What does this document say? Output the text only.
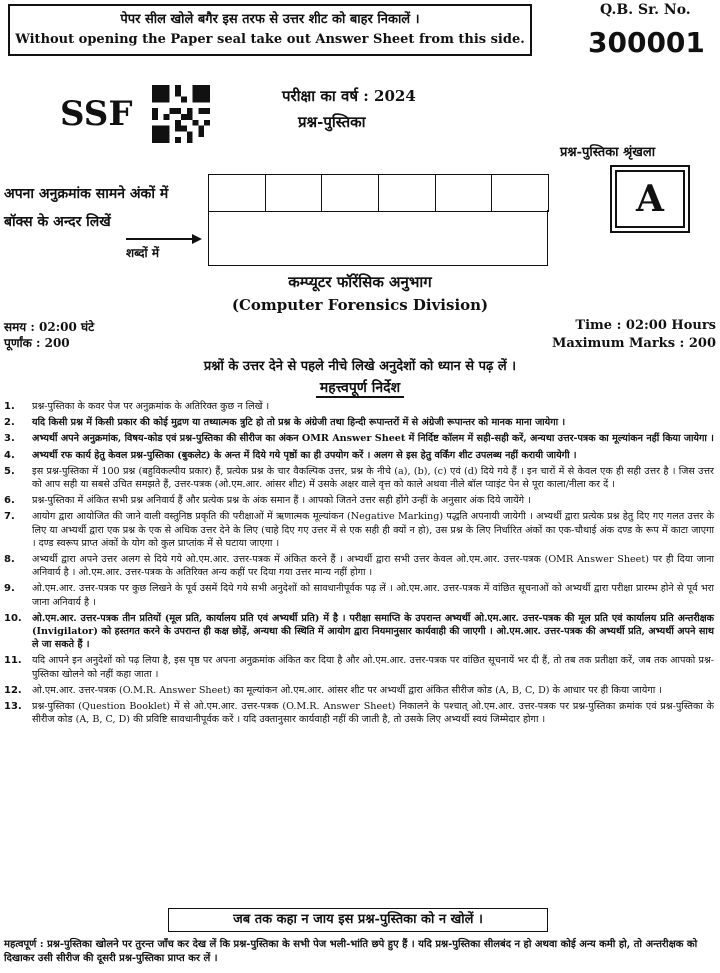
पेपर सील खोले बगैर इस तरफ से उत्तर शीट को बाहर निकालें ।
Without opening the Paper seal take out Answer Sheet from this side.
Q.B. Sr. No.
300001
SSF	परीक्षा का वर्ष : 2024
प्रश्न-पुस्तिका
प्रश्न-पुस्तिका श्रृंखला
A
अपना अनुक्रमांक सामने अंकों में
बॉक्स के अन्दर लिखें
शब्दों में
कम्प्यूटर फॉरेंसिक अनुभाग
(Computer Forensics Division)
समय : 02:00 घंटे
पूर्णांक : 200
Time : 02:00 Hours
Maximum Marks : 200
प्रश्नों के उत्तर देने से पहले नीचे लिखे अनुदेशों को ध्यान से पढ़ लें ।
महत्त्वपूर्ण निर्देश
1.	प्रश्न-पुस्तिका के कवर पेज पर अनुक्रमांक के अतिरिक्त कुछ न लिखें ।
2.	यदि किसी प्रश्न में किसी प्रकार की कोई मुद्रण या तथ्यात्मक त्रुटि हो तो प्रश्न के अंग्रेजी तथा हिन्दी रूपान्तरों में से अंग्रेजी रूपान्तर को मानक माना जायेगा ।
3.	अभ्यर्थी अपने अनुक्रमांक, विषय-कोड एवं प्रश्न-पुस्तिका की सीरीज का अंकन OMR Answer Sheet में निर्दिष्ट कॉलम में सही-सही करें, अन्यथा उत्तर-पत्रक का मूल्यांकन नहीं किया जायेगा ।
4.	अभ्यर्थी रफ कार्य हेतु केवल प्रश्न-पुस्तिका (बुकलेट) के अन्त में दिये गये पृष्ठों का ही उपयोग करें । अलग से इस हेतु वर्किंग शीट उपलब्ध नहीं करायी जायेगी ।
5.	इस प्रश्न-पुस्तिका में 100 प्रश्न (बहुविकल्पीय प्रकार) हैं, प्रत्येक प्रश्न के चार वैकल्पिक उत्तर, प्रश्न के नीचे (a), (b), (c) एवं (d) दिये गये हैं । इन चारों में से केवल एक ही सही उत्तर है । जिस उत्तर को आप सही या सबसे उचित समझते हैं, उत्तर-पत्रक (ओ.एम.आर. आंसर शीट) में उसके अक्षर वाले वृत्त को काले अथवा नीले बॉल प्वाइंट पेन से पूरा काला/नीला कर दें ।
6.	प्रश्न-पुस्तिका में अंकित सभी प्रश्न अनिवार्य हैं और प्रत्येक प्रश्न के अंक समान हैं । आपको जितने उत्तर सही होंगे उन्हीं के अनुसार अंक दिये जायेंगे ।
7.	आयोग द्वारा आयोजित की जाने वाली वस्तुनिष्ठ प्रकृति की परीक्षाओं में ऋणात्मक मूल्यांकन (Negative Marking) पद्धति अपनायी जायेगी । अभ्यर्थी द्वारा प्रत्येक प्रश्न हेतु दिए गए गलत उत्तर के लिए या अभ्यर्थी द्वारा एक प्रश्न के एक से अधिक उत्तर देने के लिए (चाहे दिए गए उत्तर में से एक सही ही क्यों न हो), उस प्रश्न के लिए निर्धारित अंकों का एक-चौथाई अंक दण्ड के रूप में काटा जाएगा । दण्ड स्वरूप प्राप्त अंकों के योग को कुल प्राप्तांक में से घटाया जाएगा ।
8.	अभ्यर्थी द्वारा अपने उत्तर अलग से दिये गये ओ.एम.आर. उत्तर-पत्रक में अंकित करने हैं । अभ्यर्थी द्वारा सभी उत्तर केवल ओ.एम.आर. उत्तर-पत्रक (OMR Answer Sheet) पर ही दिया जाना अनिवार्य है । ओ.एम.आर. उत्तर-पत्रक के अतिरिक्त अन्य कहीं पर दिया गया उत्तर मान्य नहीं होगा ।
9.	ओ.एम.आर. उत्तर-पत्रक पर कुछ लिखने के पूर्व उसमें दिये गये सभी अनुदेशों को सावधानीपूर्वक पढ़ लें । ओ.एम.आर. उत्तर-पत्रक में वांछित सूचनाओं को अभ्यर्थी द्वारा परीक्षा प्रारम्भ होने से पूर्व भरा जाना अनिवार्य है ।
10.	ओ.एम.आर. उत्तर-पत्रक तीन प्रतियों (मूल प्रति, कार्यालय प्रति एवं अभ्यर्थी प्रति) में है । परीक्षा समाप्ति के उपरान्त अभ्यर्थी ओ.एम.आर. उत्तर-पत्रक की मूल प्रति एवं कार्यालय प्रति अन्तरीक्षक (Invigilator) को हस्तगत करने के उपरान्त ही कक्ष छोड़ें, अन्यथा की स्थिति में आयोग द्वारा नियमानुसार कार्यवाही की जाएगी । ओ.एम.आर. उत्तर-पत्रक की अभ्यर्थी प्रति, अभ्यर्थी अपने साथ ले जा सकते हैं ।
11.	यदि आपने इन अनुदेशों को पढ़ लिया है, इस पृष्ठ पर अपना अनुक्रमांक अंकित कर दिया है और ओ.एम.आर. उत्तर-पत्रक पर वांछित सूचनायें भर दी हैं, तो तब तक प्रतीक्षा करें, जब तक आपको प्रश्न-पुस्तिका खोलने को नहीं कहा जाता ।
12.	ओ.एम.आर. उत्तर-पत्रक (O.M.R. Answer Sheet) का मूल्यांकन ओ.एम.आर. आंसर शीट पर अभ्यर्थी द्वारा अंकित सीरीज कोड (A, B, C, D) के आधार पर ही किया जायेगा ।
13.	प्रश्न-पुस्तिका (Question Booklet) में से ओ.एम.आर. उत्तर-पत्रक (O.M.R. Answer Sheet) निकालने के पश्चात् ओ.एम.आर. उत्तर-पत्रक पर प्रश्न-पुस्तिका क्रमांक एवं प्रश्न-पुस्तिका के सीरीज कोड (A, B, C, D) की प्रविष्टि सावधानीपूर्वक करें । यदि उक्तानुसार कार्यवाही नहीं की जाती है, तो उसके लिए अभ्यर्थी स्वयं जिम्मेदार होगा ।
जब तक कहा न जाय इस प्रश्न-पुस्तिका को न खोलें ।
महत्वपूर्ण : प्रश्न-पुस्तिका खोलने पर तुरन्त जाँच कर देख लें कि प्रश्न-पुस्तिका के सभी पेज भली-भांति छपे हुए हैं । यदि प्रश्न-पुस्तिका सीलबंद न हो अथवा कोई अन्य कमी हो, तो अन्तरीक्षक को दिखाकर उसी सीरीज की दूसरी प्रश्न-पुस्तिका प्राप्त कर लें ।
